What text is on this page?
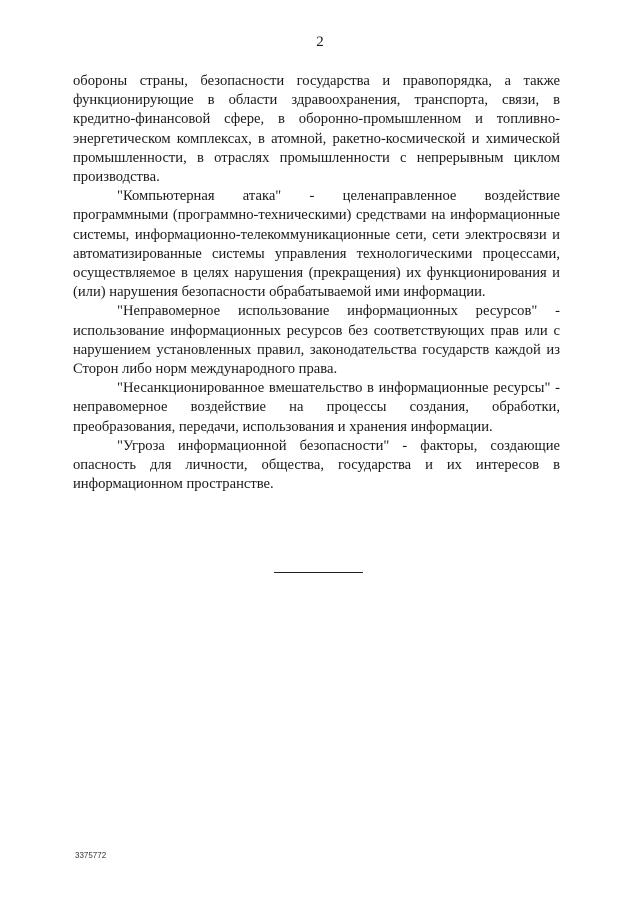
2

обороны страны, безопасности государства и правопорядка, а также функционирующие в области здравоохранения, транспорта, связи, в кредитно-финансовой сфере, в оборонно-промышленном и топливно-энергетическом комплексах, в атомной, ракетно-космической и химической промышленности, в отраслях промышленности с непрерывным циклом производства.

"Компьютерная атака" - целенаправленное воздействие программными (программно-техническими) средствами на информационные системы, информационно-телекоммуникационные сети, сети электросвязи и автоматизированные системы управления технологическими процессами, осуществляемое в целях нарушения (прекращения) их функционирования и (или) нарушения безопасности обрабатываемой ими информации.

"Неправомерное использование информационных ресурсов" - использование информационных ресурсов без соответствующих прав или с нарушением установленных правил, законодательства государств каждой из Сторон либо норм международного права.

"Несанкционированное вмешательство в информационные ресурсы" - неправомерное воздействие на процессы создания, обработки, преобразования, передачи, использования и хранения информации.

"Угроза информационной безопасности" - факторы, создающие опасность для личности, общества, государства и их интересов в информационном пространстве.

3375772
